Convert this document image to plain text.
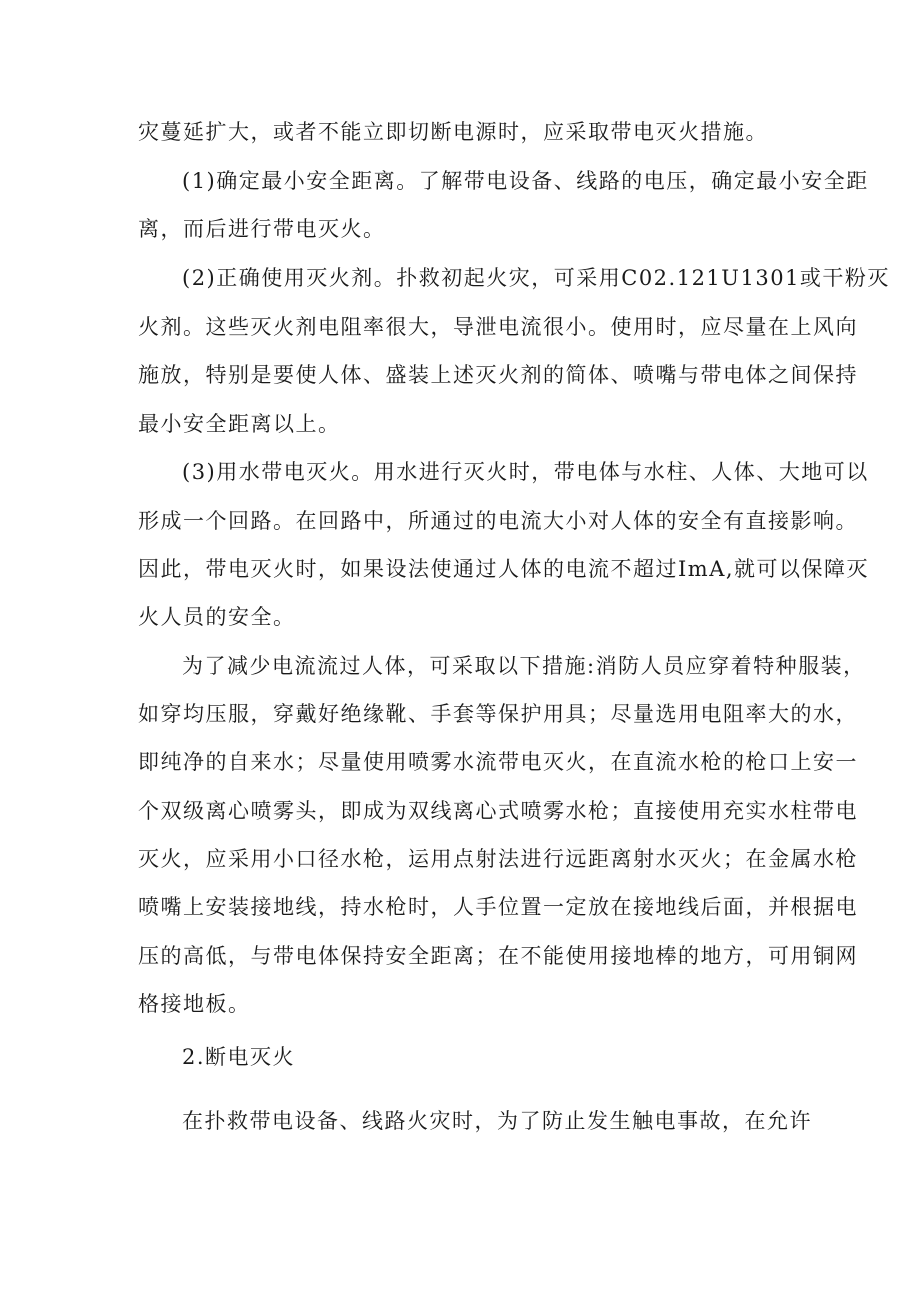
灾蔓延扩大，或者不能立即切断电源时，应采取带电灭火措施。
(1)确定最小安全距离。了解带电设备、线路的电压，确定最小安全距
离，而后进行带电灭火。
(2)正确使用灭火剂。扑救初起火灾，可采用C02.121U1301或干粉灭
火剂。这些灭火剂电阻率很大，导泄电流很小。使用时，应尽量在上风向
施放，特别是要使人体、盛装上述灭火剂的简体、喷嘴与带电体之间保持
最小安全距离以上。
(3)用水带电灭火。用水进行灭火时，带电体与水柱、人体、大地可以
形成一个回路。在回路中，所通过的电流大小对人体的安全有直接影响。
因此，带电灭火时，如果设法使通过人体的电流不超过ImA,就可以保障灭
火人员的安全。
为了减少电流流过人体，可采取以下措施:消防人员应穿着特种服装，
如穿均压服，穿戴好绝缘靴、手套等保护用具；尽量选用电阻率大的水，
即纯净的自来水；尽量使用喷雾水流带电灭火，在直流水枪的枪口上安一
个双级离心喷雾头，即成为双线离心式喷雾水枪；直接使用充实水柱带电
灭火，应采用小口径水枪，运用点射法进行远距离射水灭火；在金属水枪
喷嘴上安装接地线，持水枪时，人手位置一定放在接地线后面，并根据电
压的高低，与带电体保持安全距离；在不能使用接地棒的地方，可用铜网
格接地板。
2.断电灭火
在扑救带电设备、线路火灾时，为了防止发生触电事故，在允许
